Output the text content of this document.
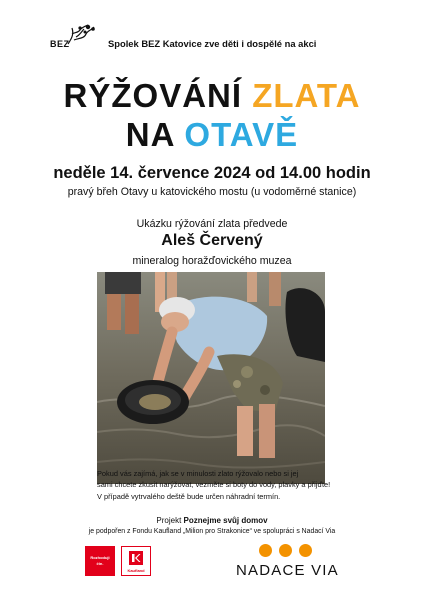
BEZ	Spolek BEZ Katovice zve děti i dospělé na akci
RÝŽOVÁNÍ ZLATA
NA OTAVĚ
neděle 14. července 2024 od 14.00 hodin
pravý břeh Otavy u katovického mostu (u vodoměrné stanice)
Ukázku rýžování zlata předvede
Aleš Červený
mineralog horažďovického muzea

Pokud vás zajímá, jak se v minulosti zlato rýžovalo nebo si jej

sami chcete zkusit narýžovat, vezměte si boty do vody, plavky a přijďte!

V případě vytrvalého deště bude určen náhradní termín.

Projekt Poznejme svůj domov
je podpořen z Fondu Kaufland „Milion pro Strakonice“ ve spolupráci s Nadací Via
Rozhoduji
čin.
Kaufland	NADACE VIA
